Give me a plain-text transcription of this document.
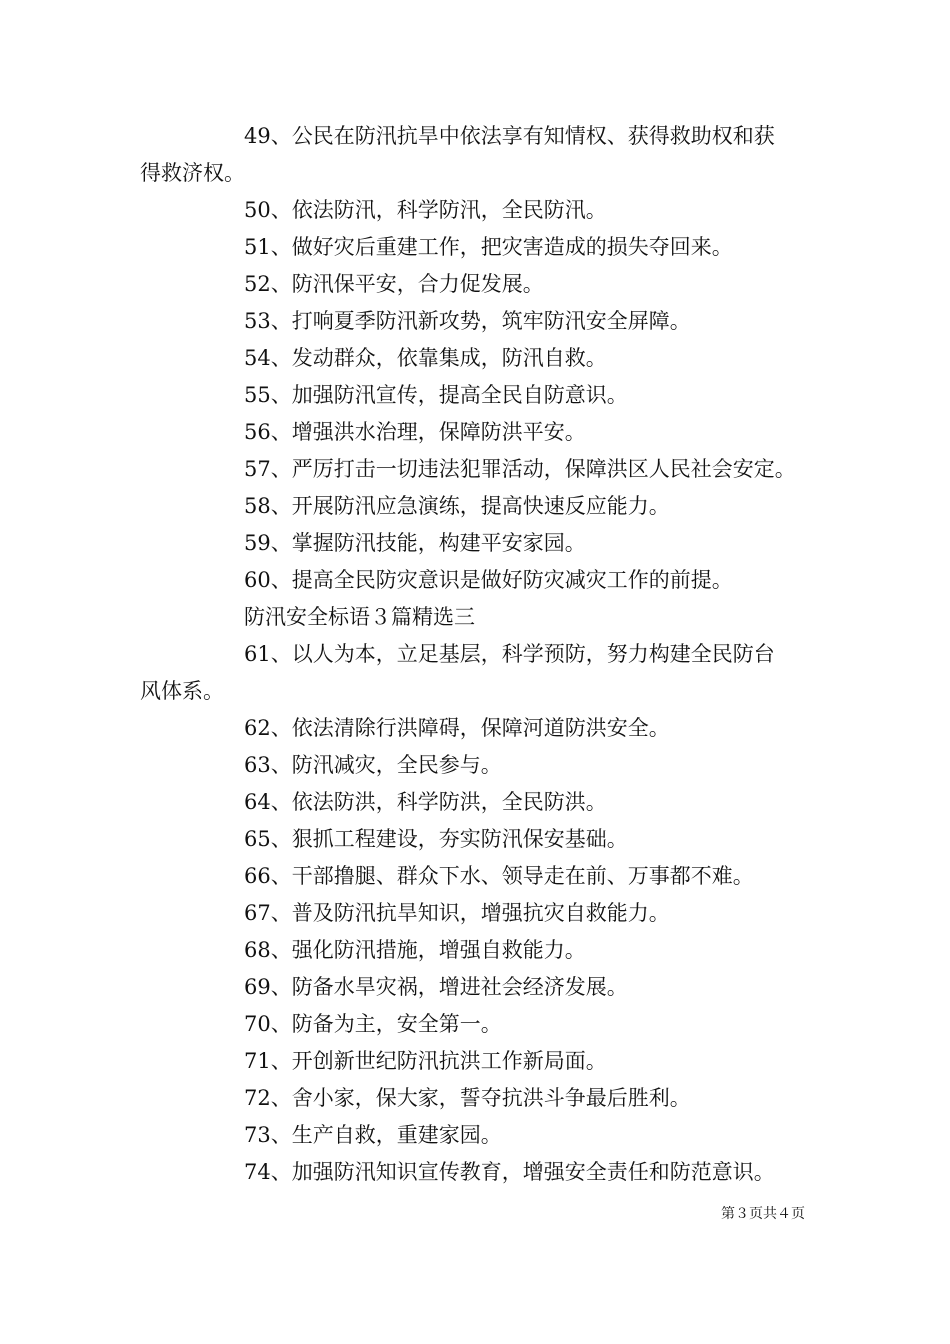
49、公民在防汛抗旱中依法享有知情权、获得救助权和获
得救济权。
50、依法防汛，科学防汛，全民防汛。
51、做好灾后重建工作，把灾害造成的损失夺回来。
52、防汛保平安，合力促发展。
53、打响夏季防汛新攻势，筑牢防汛安全屏障。
54、发动群众，依靠集成，防汛自救。
55、加强防汛宣传，提高全民自防意识。
56、增强洪水治理，保障防洪平安。
57、严厉打击一切违法犯罪活动，保障洪区人民社会安定。
58、开展防汛应急演练，提高快速反应能力。
59、掌握防汛技能，构建平安家园。
60、提高全民防灾意识是做好防灾减灾工作的前提。
防汛安全标语３篇精选三
61、以人为本，立足基层，科学预防，努力构建全民防台
风体系。
62、依法清除行洪障碍，保障河道防洪安全。
63、防汛减灾，全民参与。
64、依法防洪，科学防洪，全民防洪。
65、狠抓工程建设，夯实防汛保安基础。
66、干部撸腿、群众下水、领导走在前、万事都不难。
67、普及防汛抗旱知识，增强抗灾自救能力。
68、强化防汛措施，增强自救能力。
69、防备水旱灾祸，增进社会经济发展。
70、防备为主，安全第一。
71、开创新世纪防汛抗洪工作新局面。
72、舍小家，保大家，誓夺抗洪斗争最后胜利。
73、生产自救，重建家园。
74、加强防汛知识宣传教育，增强安全责任和防范意识。
第３页共４页
